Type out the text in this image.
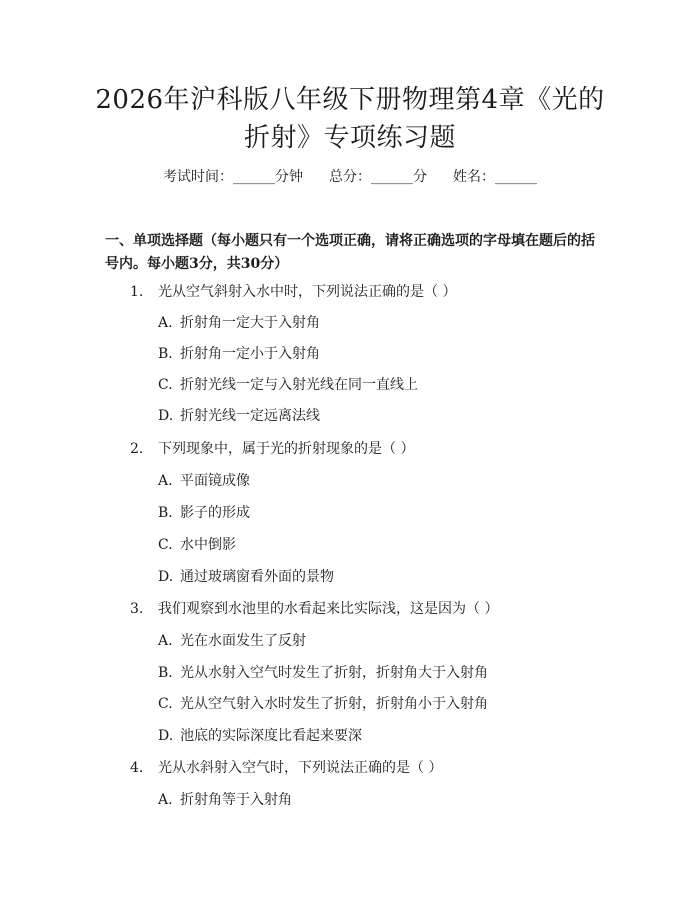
2026年沪科版八年级下册物理第4章《光的
折射》专项练习题
考试时间：______分钟 总分：______分 姓名：______
一、单项选择题（每小题只有一个选项正确，请将正确选项的字母填在题后的括号内。每小题3分，共30分）
1. 光从空气斜射入水中时，下列说法正确的是（ ）
A. 折射角一定大于入射角
B. 折射角一定小于入射角
C. 折射光线一定与入射光线在同一直线上
D. 折射光线一定远离法线
2. 下列现象中，属于光的折射现象的是（ ）
A. 平面镜成像
B. 影子的形成
C. 水中倒影
D. 通过玻璃窗看外面的景物
3. 我们观察到水池里的水看起来比实际浅，这是因为（ ）
A. 光在水面发生了反射
B. 光从水射入空气时发生了折射，折射角大于入射角
C. 光从空气射入水时发生了折射，折射角小于入射角
D. 池底的实际深度比看起来要深
4. 光从水斜射入空气时，下列说法正确的是（ ）
A. 折射角等于入射角
